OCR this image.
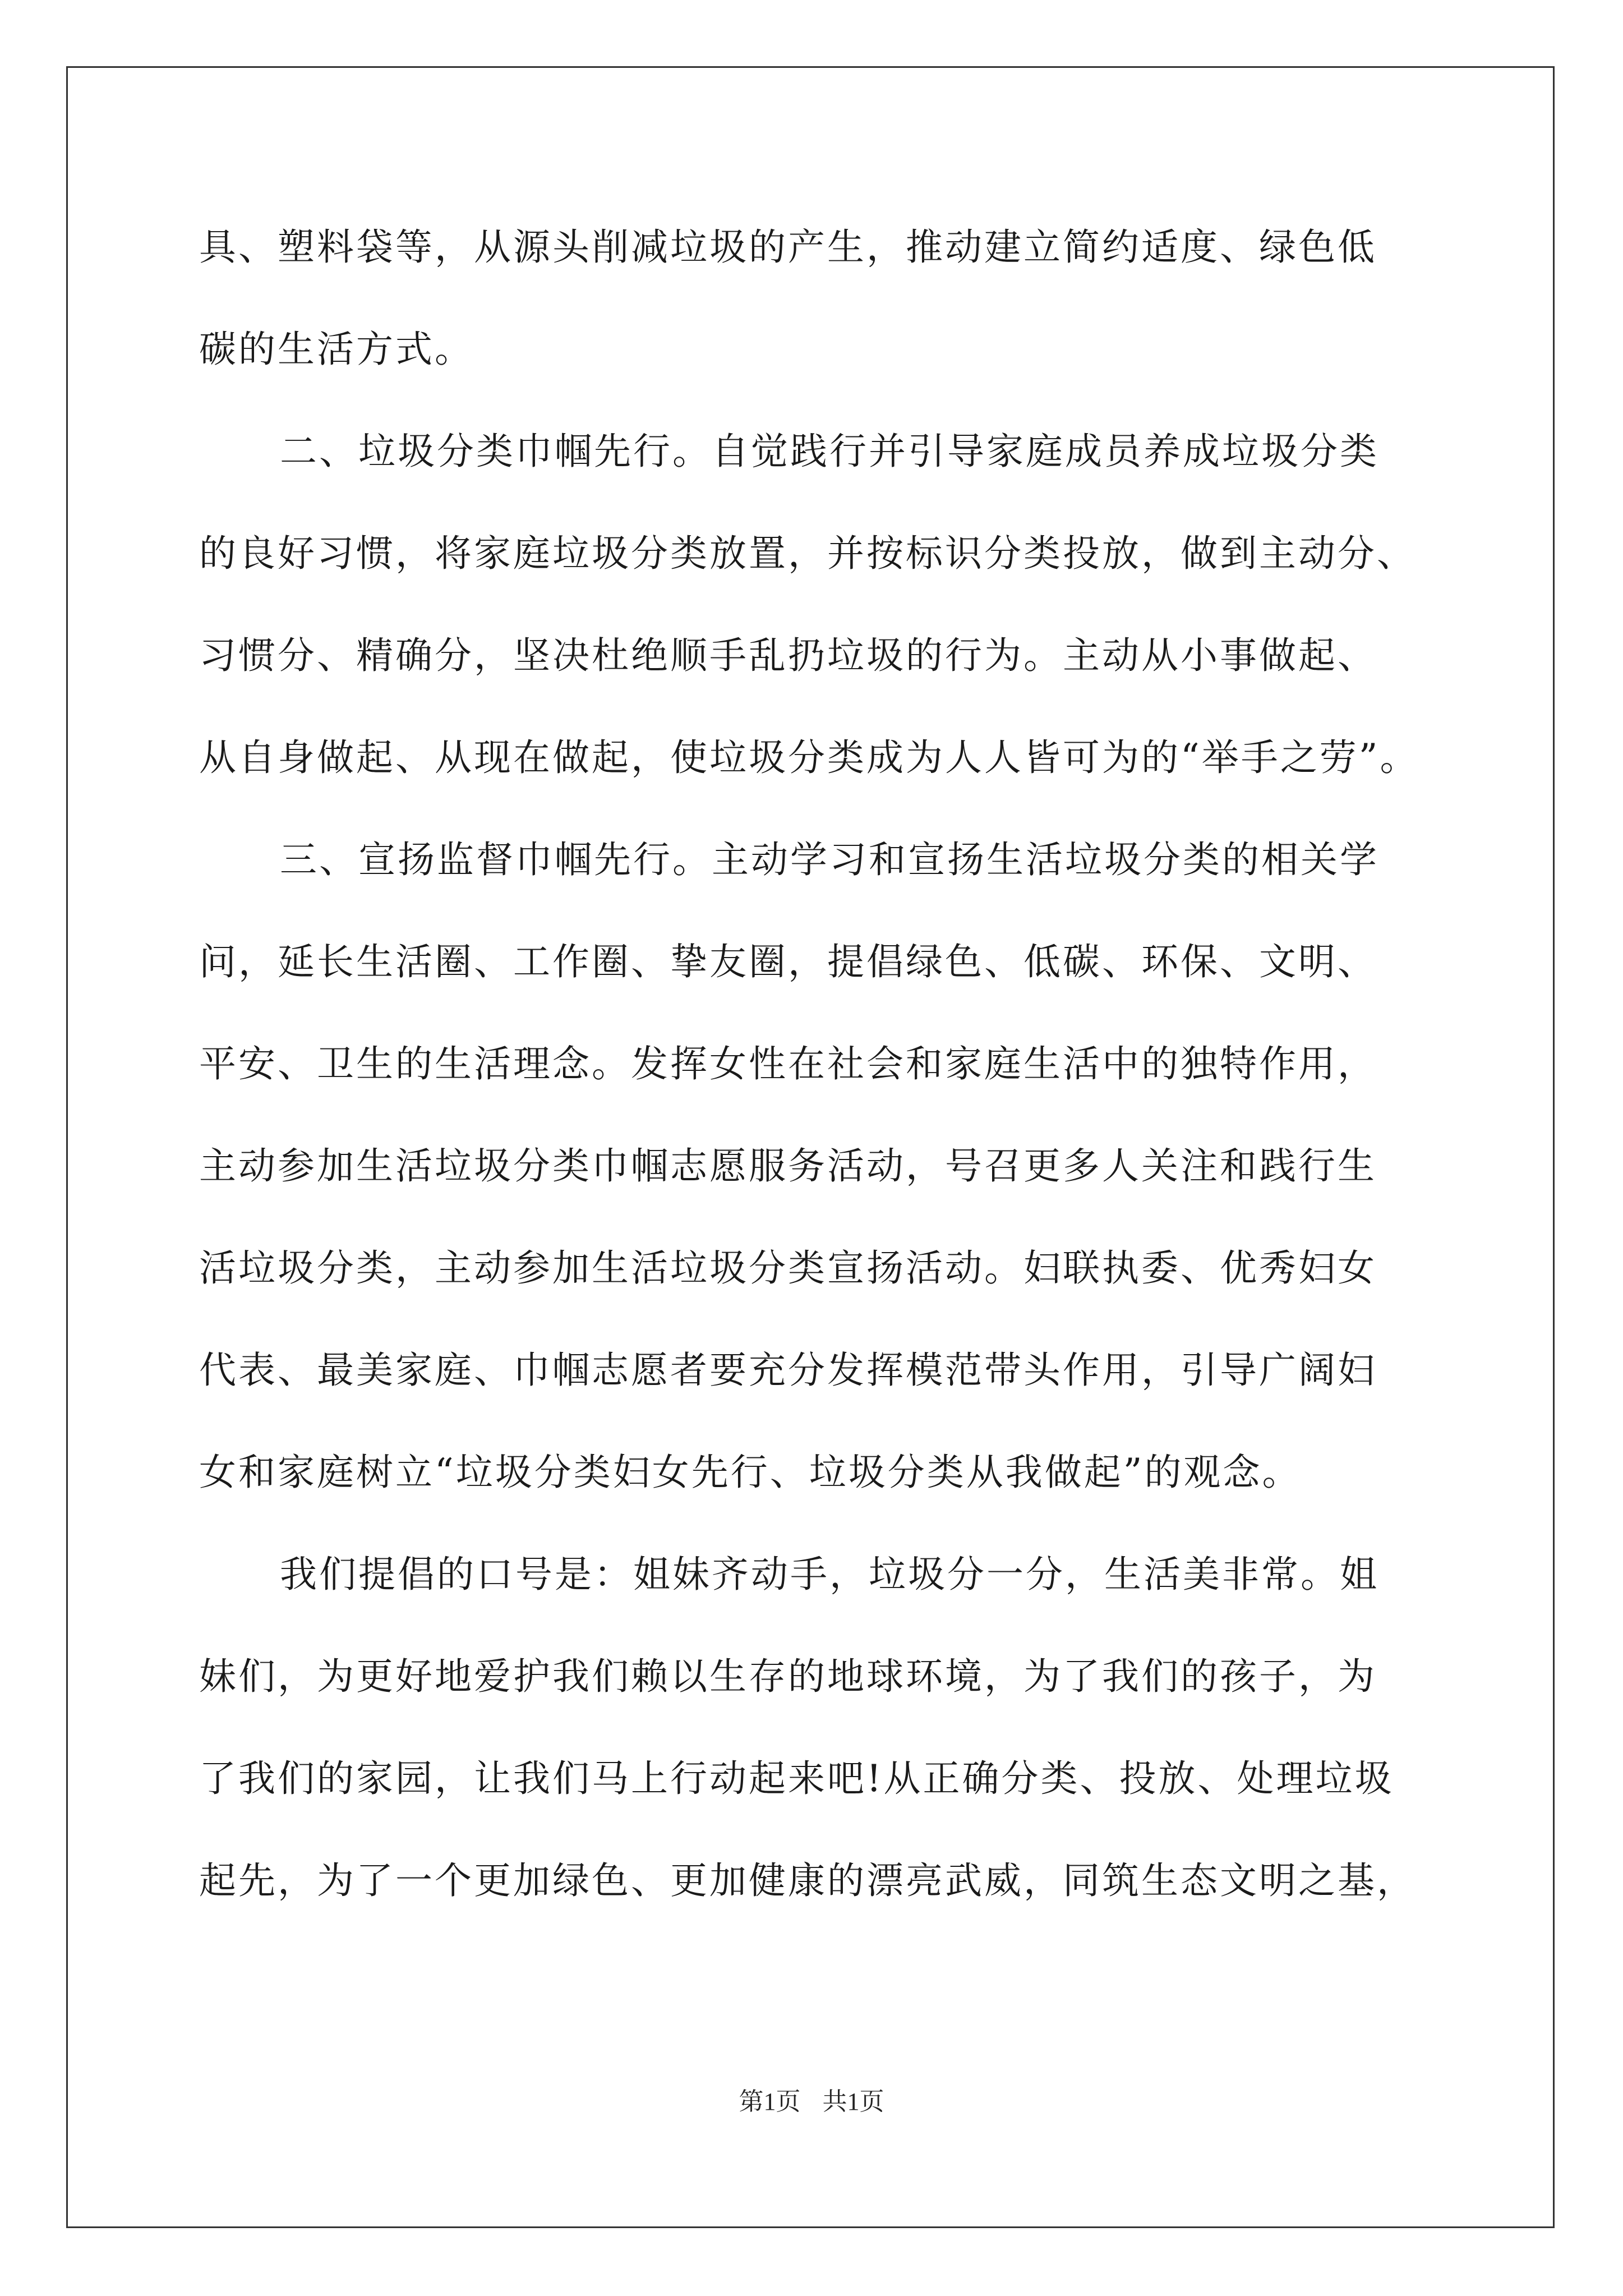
具、塑料袋等，从源头削减垃圾的产生，推动建立简约适度、绿色低
碳的生活方式。
二、垃圾分类巾帼先行。自觉践行并引导家庭成员养成垃圾分类
的良好习惯，将家庭垃圾分类放置，并按标识分类投放，做到主动分、
习惯分、精确分，坚决杜绝顺手乱扔垃圾的行为。主动从小事做起、
从自身做起、从现在做起，使垃圾分类成为人人皆可为的“举手之劳”。
三、宣扬监督巾帼先行。主动学习和宣扬生活垃圾分类的相关学
问，延长生活圈、工作圈、挚友圈，提倡绿色、低碳、环保、文明、
平安、卫生的生活理念。发挥女性在社会和家庭生活中的独特作用，
主动参加生活垃圾分类巾帼志愿服务活动，号召更多人关注和践行生
活垃圾分类，主动参加生活垃圾分类宣扬活动。妇联执委、优秀妇女
代表、最美家庭、巾帼志愿者要充分发挥模范带头作用，引导广阔妇
女和家庭树立“垃圾分类妇女先行、垃圾分类从我做起”的观念。
我们提倡的口号是：姐妹齐动手，垃圾分一分，生活美非常。姐
妹们，为更好地爱护我们赖以生存的地球环境，为了我们的孩子，为
了我们的家园，让我们马上行动起来吧!从正确分类、投放、处理垃圾
起先，为了一个更加绿色、更加健康的漂亮武威，同筑生态文明之基，
第1页 共1页
